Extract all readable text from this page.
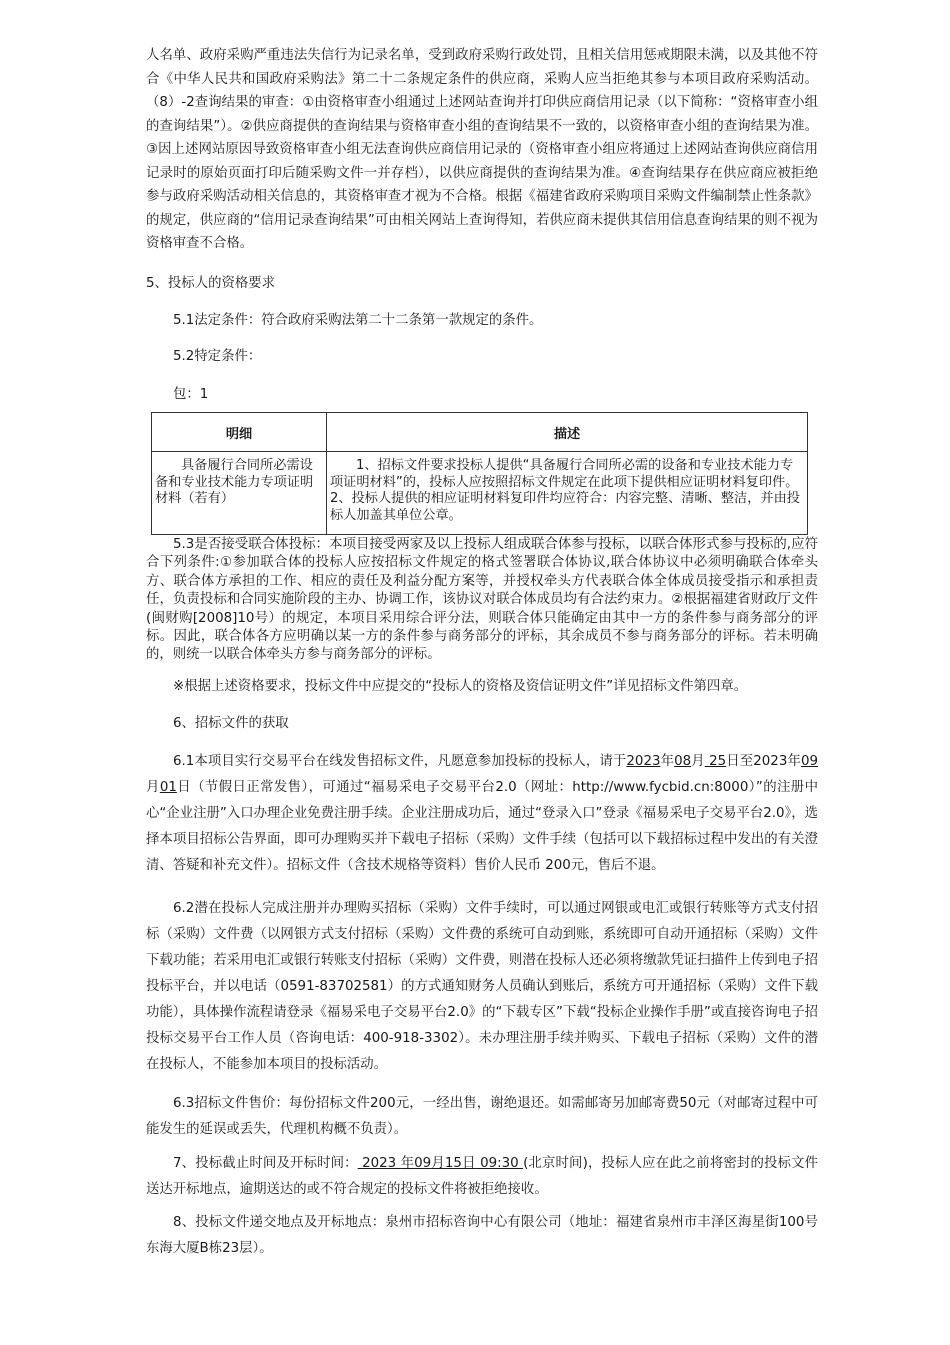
人名单、政府采购严重违法失信行为记录名单，受到政府采购行政处罚，且相关信用惩戒期限未满，以及其他不符合《中华人民共和国政府采购法》第二十二条规定条件的供应商，采购人应当拒绝其参与本项目政府采购活动。（8）-2查询结果的审查：①由资格审查小组通过上述网站查询并打印供应商信用记录（以下简称：“资格审查小组的查询结果”）。②供应商提供的查询结果与资格审查小组的查询结果不一致的，以资格审查小组的查询结果为准。③因上述网站原因导致资格审查小组无法查询供应商信用记录的（资格审查小组应将通过上述网站查询供应商信用记录时的原始页面打印后随采购文件一并存档），以供应商提供的查询结果为准。④查询结果存在供应商应被拒绝参与政府采购活动相关信息的，其资格审查才视为不合格。根据《福建省政府采购项目采购文件编制禁止性条款》的规定，供应商的“信用记录查询结果”可由相关网站上查询得知，若供应商未提供其信用信息查询结果的则不视为资格审查不合格。

5、投标人的资格要求

5.1法定条件：符合政府采购法第二十二条第一款规定的条件。

5.2特定条件：

包：1

明细	描述
具备履行合同所必需设备和专业技术能力专项证明材料（若有）	1、招标文件要求投标人提供“具备履行合同所必需的设备和专业技术能力专项证明材料”的，投标人应按照招标文件规定在此项下提供相应证明材料复印件。 2、投标人提供的相应证明材料复印件均应符合：内容完整、清晰、整洁，并由投标人加盖其单位公章。

5.3是否接受联合体投标：本项目接受两家及以上投标人组成联合体参与投标，以联合体形式参与投标的,应符合下列条件:①参加联合体的投标人应按招标文件规定的格式签署联合体协议,联合体协议中必须明确联合体牵头方、联合体方承担的工作、相应的责任及利益分配方案等，并授权牵头方代表联合体全体成员接受指示和承担责任，负责投标和合同实施阶段的主办、协调工作，该协议对联合体成员均有合法约束力。②根据福建省财政厅文件(闽财购[2008]10号）的规定，本项目采用综合评分法，则联合体只能确定由其中一方的条件参与商务部分的评标。因此，联合体各方应明确以某一方的条件参与商务部分的评标，其余成员不参与商务部分的评标。若未明确的，则统一以联合体牵头方参与商务部分的评标。

※根据上述资格要求，投标文件中应提交的“投标人的资格及资信证明文件”详见招标文件第四章。

6、招标文件的获取

6.1本项目实行交易平台在线发售招标文件，凡愿意参加投标的投标人，请于2023年08月 25日至2023年09月01日（节假日正常发售），可通过“福易采电子交易平台2.0（网址：http://www.fycbid.cn:8000）”的注册中心“企业注册”入口办理企业免费注册手续。企业注册成功后，通过“登录入口”登录《福易采电子交易平台2.0》，选择本项目招标公告界面，即可办理购买并下载电子招标（采购）文件手续（包括可以下载招标过程中发出的有关澄清、答疑和补充文件）。招标文件（含技术规格等资料）售价人民币 200元，售后不退。

6.2潜在投标人完成注册并办理购买招标（采购）文件手续时，可以通过网银或电汇或银行转账等方式支付招标（采购）文件费（以网银方式支付招标（采购）文件费的系统可自动到账，系统即可自动开通招标（采购）文件下载功能；若采用电汇或银行转账支付招标（采购）文件费，则潜在投标人还必须将缴款凭证扫描件上传到电子招投标平台，并以电话（0591-83702581）的方式通知财务人员确认到账后，系统方可开通招标（采购）文件下载功能），具体操作流程请登录《福易采电子交易平台2.0》的“下载专区”下载“投标企业操作手册”或直接咨询电子招投标交易平台工作人员（咨询电话：400-918-3302）。未办理注册手续并购买、下载电子招标（采购）文件的潜在投标人，不能参加本项目的投标活动。

6.3招标文件售价：每份招标文件200元，一经出售，谢绝退还。如需邮寄另加邮寄费50元（对邮寄过程中可能发生的延误或丢失，代理机构概不负责）。

7、投标截止时间及开标时间： 2023 年09月15日 09:30 (北京时间)，投标人应在此之前将密封的投标文件送达开标地点，逾期送达的或不符合规定的投标文件将被拒绝接收。

8、投标文件递交地点及开标地点：泉州市招标咨询中心有限公司（地址：福建省泉州市丰泽区海星街100号东海大厦B栋23层）。
